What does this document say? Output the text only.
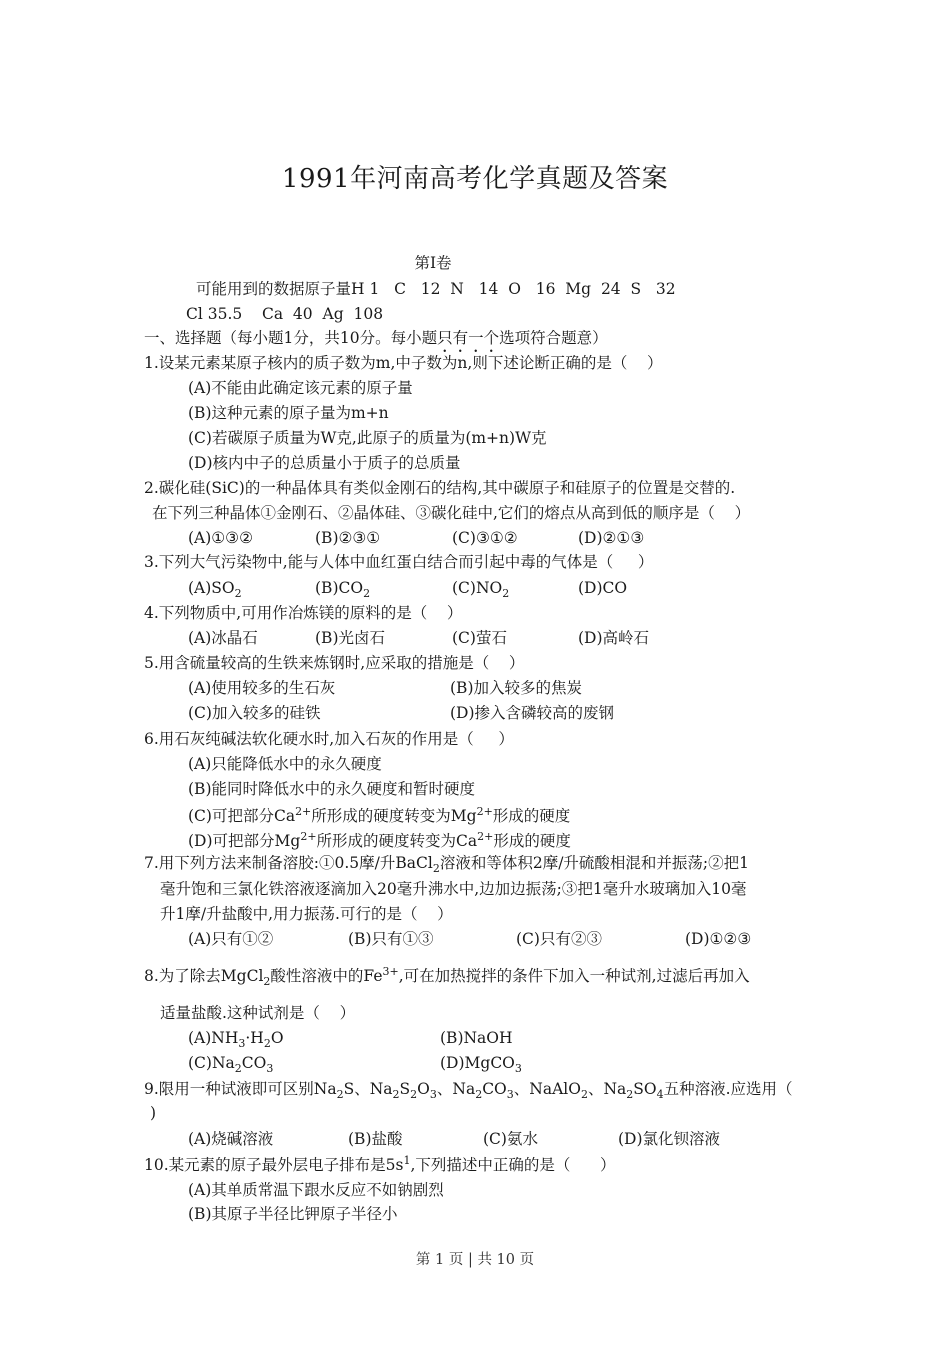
1991年河南高考化学真题及答案
第Ⅰ卷
可能用到的数据原子量H 1   C   12  N   14  O   16  Mg  24  S   32
Cl 35.5    Ca  40  Ag  108
一、选择题（每小题1分，共10分。每小题只有一个选项符合题意）
1.设某元素某原子核内的质子数为m,中子数为n,则下述论断正确的是（    ）
(A)不能由此确定该元素的原子量
(B)这种元素的原子量为m+n
(C)若碳原子质量为W克,此原子的质量为(m+n)W克
(D)核内中子的总质量小于质子的总质量
2.碳化硅(SiC)的一种晶体具有类似金刚石的结构,其中碳原子和硅原子的位置是交替的.
在下列三种晶体①金刚石、②晶体硅、③碳化硅中,它们的熔点从高到低的顺序是（    ）
(A)①③②	(B)②③①	(C)③①②	(D)②①③
3.下列大气污染物中,能与人体中血红蛋白结合而引起中毒的气体是（     ）
$(A)SO_2$	$(B)CO_2$	$(C)NO_2$	(D)CO
4.下列物质中,可用作冶炼镁的原料的是（    ）
(A)冰晶石	(B)光卤石	(C)萤石	(D)高岭石
5.用含硫量较高的生铁来炼钢时,应采取的措施是（    ）
(A)使用较多的生石灰	(B)加入较多的焦炭
(C)加入较多的硅铁	(D)掺入含磷较高的废钢
6.用石灰纯碱法软化硬水时,加入石灰的作用是（     ）
(A)只能降低水中的永久硬度
(B)能同时降低水中的永久硬度和暂时硬度
(C)可把部分$Ca^{2+}$所形成的硬度转变为$Mg^{2+}$形成的硬度
(D)可把部分$Mg^{2+}$所形成的硬度转变为$Ca^{2+}$形成的硬度
7.用下列方法来制备溶胶:①0.5摩/升BaCl$_2$溶液和等体积2摩/升硫酸相混和并振荡;②把1
毫升饱和三氯化铁溶液逐滴加入20毫升沸水中,边加边振荡;③把1毫升水玻璃加入10毫
升1摩/升盐酸中,用力振荡.可行的是（    ）
(A)只有①②	(B)只有①③	(C)只有②③	(D)①②③
8.为了除去MgCl$_2$酸性溶液中的$Fe^{3+}$,可在加热搅拌的条件下加入一种试剂,过滤后再加入
适量盐酸.这种试剂是（    ）
$(A)NH_3\cdot H_2O$	(B)NaOH
$(C)Na_2CO_3$	(D)MgCO$_3$
9.限用一种试液即可区别$Na_2S$、$Na_2S_2O_3$、$Na_2CO_3$、NaAlO$_2$、$Na_2SO_4$五种溶液.应选用（
)
(A)烧碱溶液	(B)盐酸	(C)氨水	(D)氯化钡溶液
10.某元素的原子最外层电子排布是$5s^1$,下列描述中正确的是（      ）
(A)其单质常温下跟水反应不如钠剧烈
(B)其原子半径比钾原子半径小
第 1 页 | 共 10 页
